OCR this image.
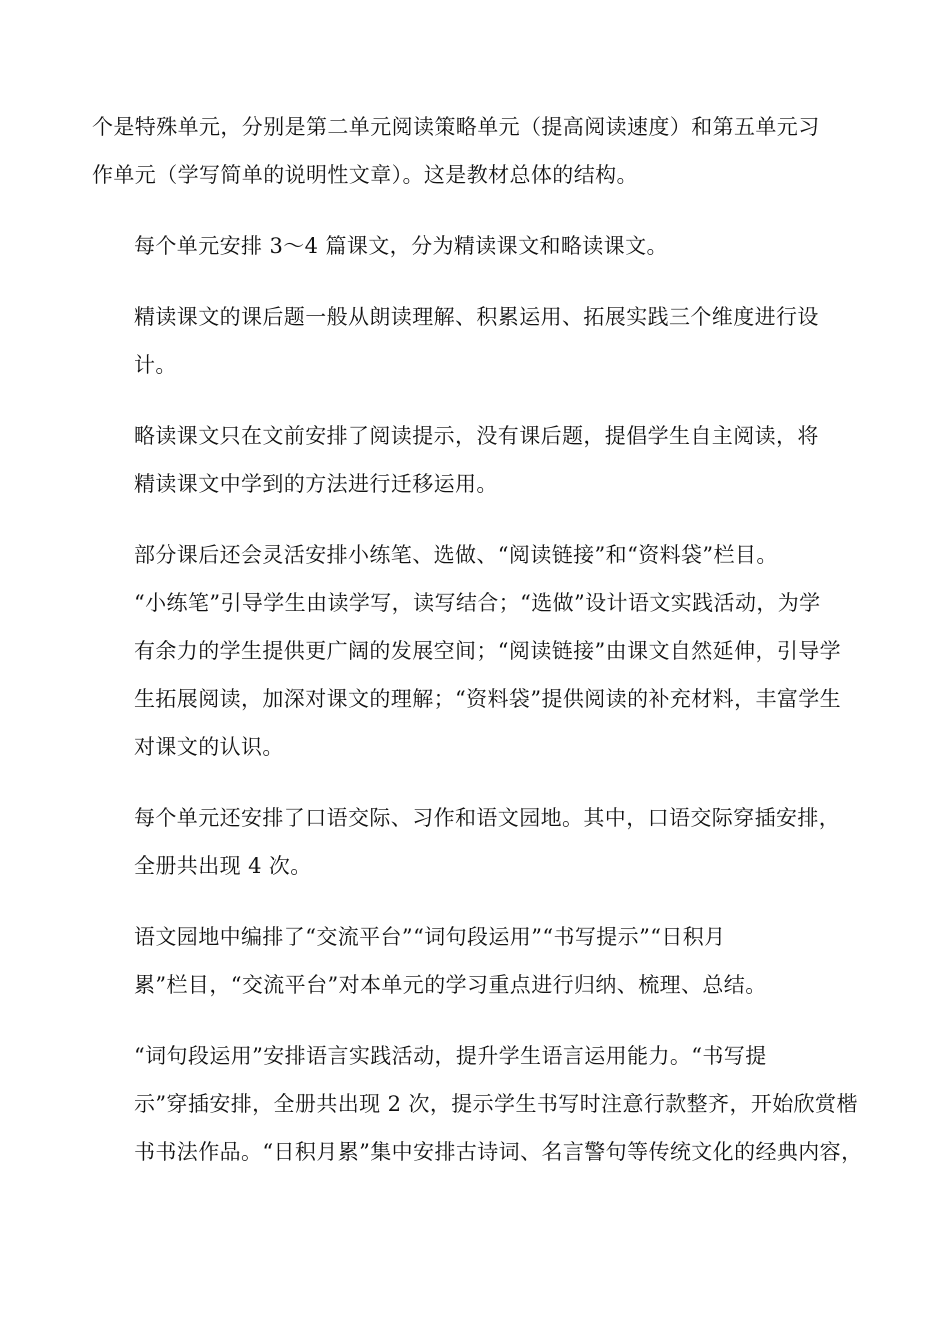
个是特殊单元，分别是第二单元阅读策略单元（提高阅读速度）和第五单元习
作单元（学写简单的说明性文章）。这是教材总体的结构。

每个单元安排 3～4 篇课文，分为精读课文和略读课文。

精读课文的课后题一般从朗读理解、积累运用、拓展实践三个维度进行设
计。

略读课文只在文前安排了阅读提示，没有课后题，提倡学生自主阅读，将
精读课文中学到的方法进行迁移运用。

部分课后还会灵活安排小练笔、选做、“阅读链接”和“资料袋”栏目。
“小练笔”引导学生由读学写，读写结合；“选做”设计语文实践活动，为学
有余力的学生提供更广阔的发展空间；“阅读链接”由课文自然延伸，引导学
生拓展阅读，加深对课文的理解；“资料袋”提供阅读的补充材料，丰富学生
对课文的认识。

每个单元还安排了口语交际、习作和语文园地。其中，口语交际穿插安排，
全册共出现 4 次。

语文园地中编排了“交流平台”“词句段运用”“书写提示”“日积月
累”栏目，“交流平台”对本单元的学习重点进行归纳、梳理、总结。

“词句段运用”安排语言实践活动，提升学生语言运用能力。“书写提
示”穿插安排，全册共出现 2 次，提示学生书写时注意行款整齐，开始欣赏楷
书书法作品。“日积月累”集中安排古诗词、名言警句等传统文化的经典内容，
